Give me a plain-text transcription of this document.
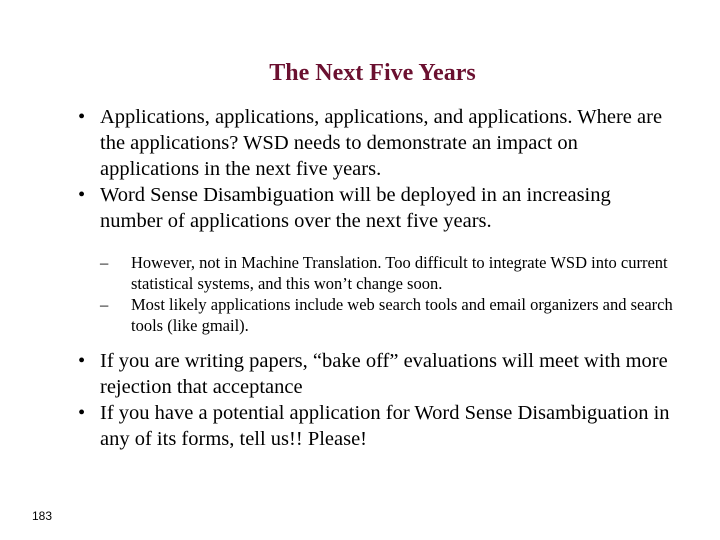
The Next Five Years
• Applications, applications, applications, and applications. Where are the applications? WSD needs to demonstrate an impact on applications in the next five years.
• Word Sense Disambiguation will be deployed in an increasing number of applications over the next five years.
– However, not in Machine Translation. Too difficult to integrate WSD into current statistical systems, and this won’t change soon.
– Most likely applications include web search tools and email organizers and search tools (like gmail).
• If you are writing papers, “bake off” evaluations will meet with more rejection that acceptance
• If you have a potential application for Word Sense Disambiguation in any of its forms, tell us!! Please!
183
